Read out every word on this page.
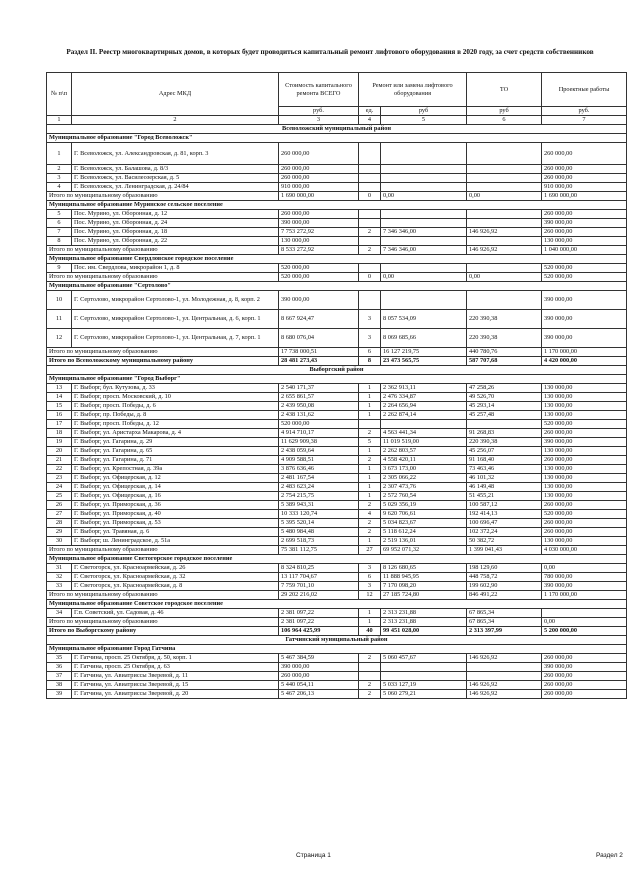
Раздел II. Реестр многоквартирных домов, в которых будет проводиться капитальный ремонт лифтового оборудования в 2020 году, за счет средств собственников
№ п\п	Адрес МКД	Стоимость капитального ремонта ВСЕГО	Ремонт или замена лифтового оборудования		ТО	Проектные работы
		руб.	ед.	руб	руб	руб.
1	2	3	4	5	6	7
Всеволожский муниципальный район						
Муниципальное образование "Город Всеволожск"						
1	Г. Всеволожск, ул. Александровская, д. 81, корп. 3	260 000,00				260 000,00
2	Г. Всеволожск, ул. Балашова, д. 8/3	260 000,00				260 000,00
3	Г. Всеволожск, ул. Василеозерская, д. 5	260 000,00				260 000,00
4	Г. Всеволожск, ул. Ленинградская, д. 24/84	910 000,00				910 000,00
Итого по муниципальному образованию		1 690 000,00	0	0,00	0,00	1 690 000,00
Муниципальное образование Муринское сельское поселение						
5	Пос. Мурино, ул. Оборонная, д. 12	260 000,00				260 000,00
6	Пос. Мурино, ул. Оборонная, д. 24	390 000,00				390 000,00
7	Пос. Мурино, ул. Оборонная, д. 18	7 753 272,92	2	7 346 346,00	146 926,92	260 000,00
8	Пос. Мурино, ул. Оборонная, д. 22	130 000,00				130 000,00
Итого по муниципальному образованию		8 533 272,92	2	7 346 346,00	146 926,92	1 040 000,00
Муниципальное образование Свердловское городское поселение						
9	Пос. им. Свердлова, микрорайон 1, д. 8	520 000,00				520 000,00
Итого по муниципальному образованию		520 000,00	0	0,00	0,00	520 000,00
Муниципальное образование "Сертолово"						
10	Г. Сертолово, микрорайон Сертолово-1, ул. Молодежная, д. 8, корп. 2	390 000,00				390 000,00
11	Г. Сертолово, микрорайон Сертолово-1, ул. Центральная, д. 6, корп. 1	8 667 924,47	3	8 057 534,09	220 390,38	390 000,00
12	Г. Сертолово, микрорайон Сертолово-1, ул. Центральная, д. 7, корп. 1	8 680 076,04	3	8 069 685,66	220 390,38	390 000,00
Итого по муниципальному образованию		17 738 000,51	6	16 127 219,75	440 780,76	1 170 000,00
Итого по Всеволожскому муниципальному району		28 481 273,43	8	23 473 565,75	587 707,68	4 420 000,00
Выборгский район						
Муниципальное образование "Город Выборг"						
13	Г. Выборг, бул. Кутузова, д. 33	2 540 171,37	1	2 362 913,11	47 258,26	130 000,00
14	Г. Выборг, просп. Московский, д. 10	2 655 861,57	1	2 476 334,87	49 526,70	130 000,00
15	Г. Выборг, просп. Победы, д. 6	2 439 950,08	1	2 264 656,94	45 293,14	130 000,00
16	Г. Выборг, пр. Победы, д. 8	2 438 131,62	1	2 262 874,14	45 257,48	130 000,00
17	Г. Выборг, просп. Победы, д. 12	520 000,00				520 000,00
18	Г. Выборг, ул. Аристарха Макарова, д. 4	4 914 710,17	2	4 563 441,34	91 268,83	260 000,00
19	Г. Выборг, ул. Гагарина, д. 29	11 629 909,38	5	11 019 519,00	220 390,38	390 000,00
20	Г. Выборг, ул. Гагарина, д. 65	2 438 059,64	1	2 262 803,57	45 256,07	130 000,00
21	Г. Выборг, ул. Гагарина, д. 71	4 909 588,51	2	4 558 420,11	91 168,40	260 000,00
22	Г. Выборг, ул. Крепостная, д. 39а	3 876 636,46	1	3 673 173,00	73 463,46	130 000,00
23	Г. Выборг, ул. Офицерская, д. 12	2 481 167,54	1	2 305 066,22	46 101,32	130 000,00
24	Г. Выборг, ул. Офицерская, д. 14	2 483 623,24	1	2 307 473,76	46 149,48	130 000,00
25	Г. Выборг, ул. Офицерская, д. 16	2 754 215,75	1	2 572 760,54	51 455,21	130 000,00
26	Г. Выборг, ул. Приморская, д. 36	5 389 943,31	2	5 029 356,19	100 587,12	260 000,00
27	Г. Выборг, ул. Приморская, д. 40	10 333 120,74	4	9 620 706,61	192 414,13	520 000,00
28	Г. Выборг, ул. Приморская, д. 53	5 395 520,14	2	5 034 823,67	100 696,47	260 000,00
29	Г. Выборг, ул. Травяная, д. 6	5 480 984,48	2	5 118 612,24	102 372,24	260 000,00
30	Г. Выборг, ш. Ленинградское, д. 51а	2 699 518,73	1	2 519 136,01	50 382,72	130 000,00
Итого по муниципальному образованию		75 381 112,75	27	69 952 071,32	1 399 041,43	4 030 000,00
Муниципальное образование Светогорское городское поселение						
31	Г. Светогорск, ул. Красноармейская, д. 26	8 324 810,25	3	8 126 680,65	198 129,60	0,00
32	Г. Светогорск, ул. Красноармейская, д. 32	13 117 704,67	6	11 888 945,95	448 758,72	780 000,00
33	Г. Светогорск, ул. Красноармейская, д. 8	7 759 701,10	3	7 170 098,20	199 602,90	390 000,00
Итого по муниципальному образованию		29 202 216,02	12	27 185 724,80	846 491,22	1 170 000,00
Муниципальное образование Советское городское поселение						
34	Г.п. Советский, ул. Садовая, д. 46	2 381 097,22	1	2 313 231,88	67 865,34	
Итого по муниципальному образованию		2 381 097,22	1	2 313 231,88	67 865,34	0,00
Итого по Выборгскому району		106 964 425,99	40	99 451 028,00	2 313 397,99	5 200 000,00
Гатчинский муниципальный район						
Муниципальное образование Город Гатчина						
35	Г. Гатчина, просп. 25 Октября, д. 50, корп. 1	5 467 384,59	2	5 060 457,67	146 926,92	260 000,00
36	Г. Гатчина, просп. 25 Октября, д. 63	390 000,00				390 000,00
37	Г. Гатчина, ул. Авиатриссы Зверевой, д. 11	260 000,00				260 000,00
38	Г. Гатчина, ул. Авиатриссы Зверевой, д. 15	5 440 054,11	2	5 033 127,19	146 926,92	260 000,00
39	Г. Гатчина, ул. Авиатриссы Зверевой, д. 20	5 467 206,13	2	5 060 279,21	146 926,92	260 000,00
Страница 1	Раздел 2
